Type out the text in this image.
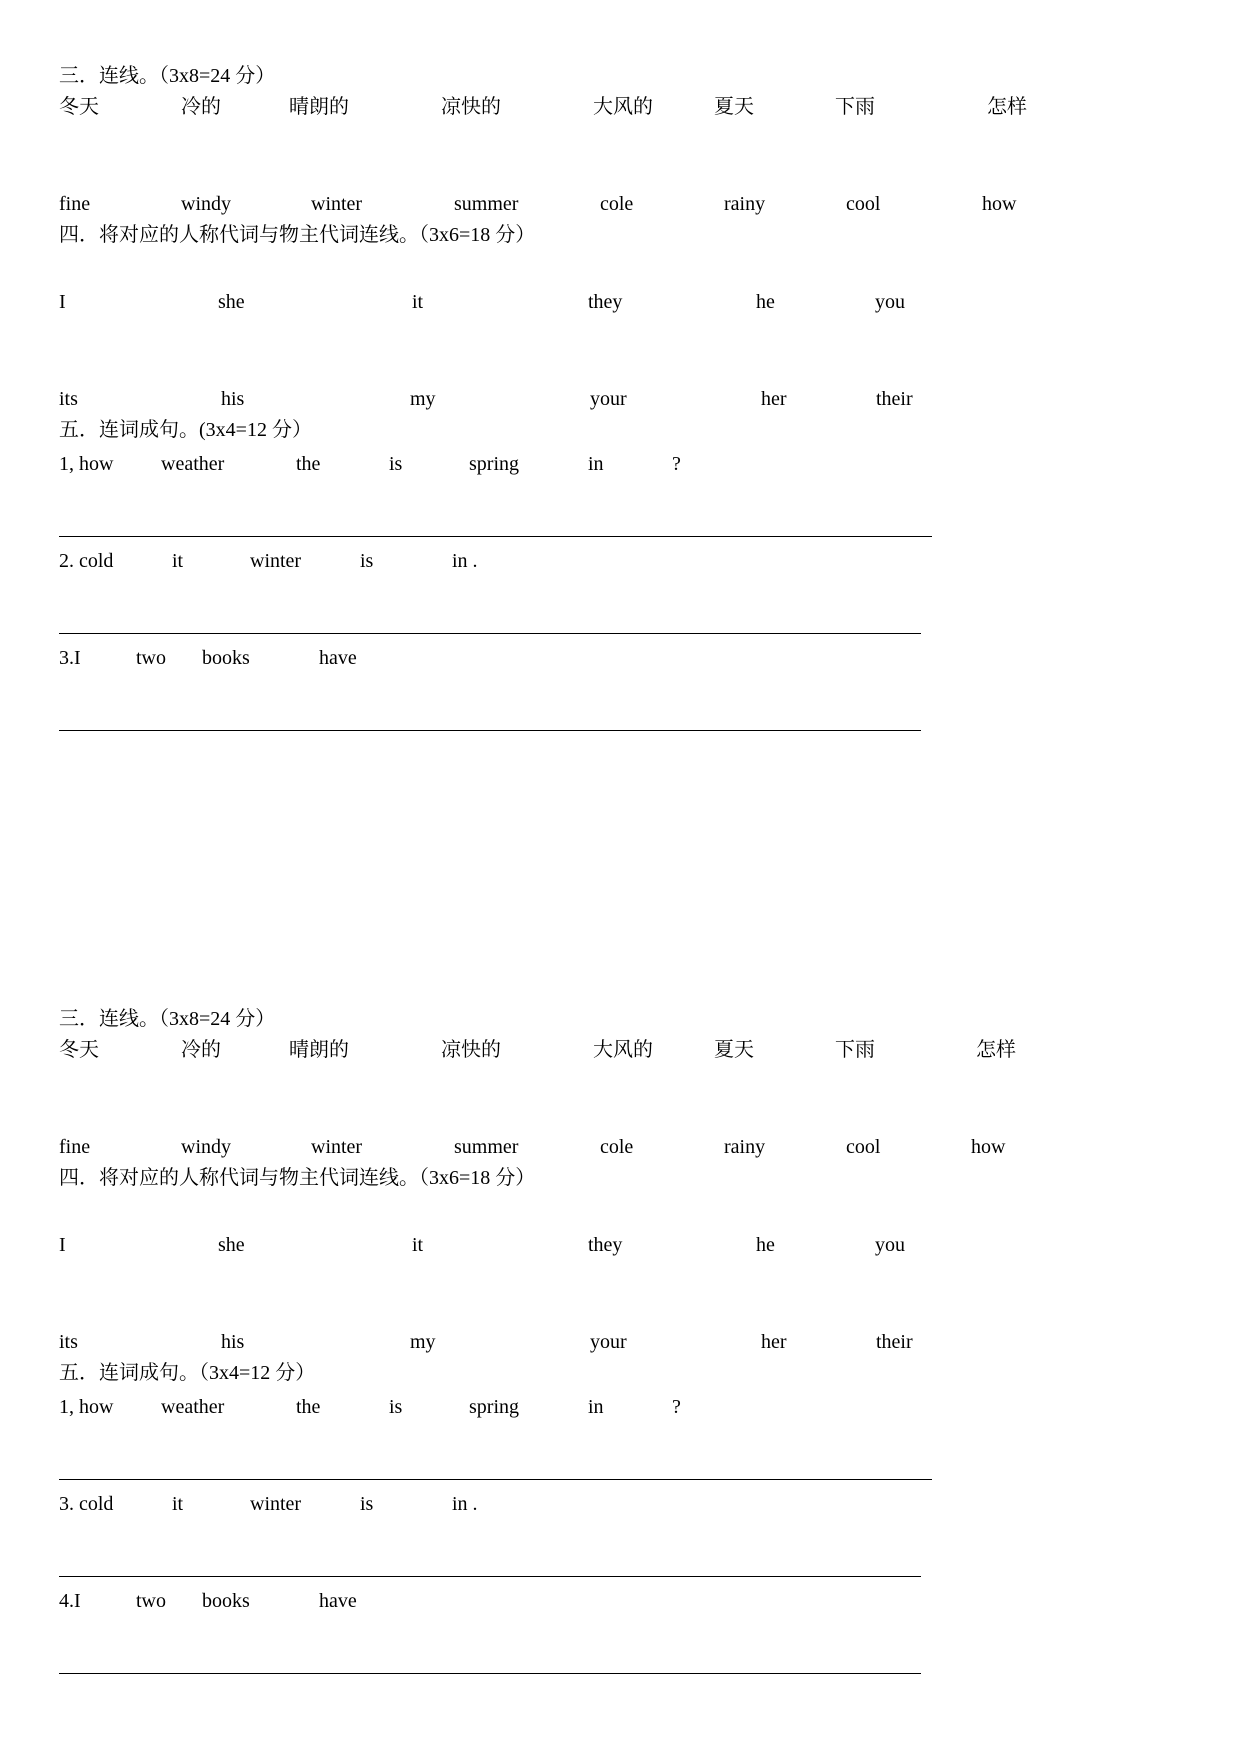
三．连线。（3x8=24 分）
冬天	冷的	晴朗的	凉快的	大风的	夏天	下雨	怎样
fine	windy	winter	summer	cole	rainy	cool	how
四．将对应的人称代词与物主代词连线。（3x6=18 分）
I	she	it	they	he	you
its	his	my	your	her	their
五．连词成句。(3x4=12 分）
1, how weather	the	is	spring	in	?
2. cold	it	winter	is	in .
3.I	two books	have
三．连线。（3x8=24 分）
冬天	冷的	晴朗的	凉快的	大风的	夏天	下雨	怎样
fine	windy	winter	summer	cole	rainy	cool	how
四．将对应的人称代词与物主代词连线。（3x6=18 分）
I	she	it	they	he	you
its	his	my	your	her	their
五．连词成句。（3x4=12 分）
1, how weather	the	is	spring	in	?
3. cold	it	winter	is	in .
4.I	two books	have
